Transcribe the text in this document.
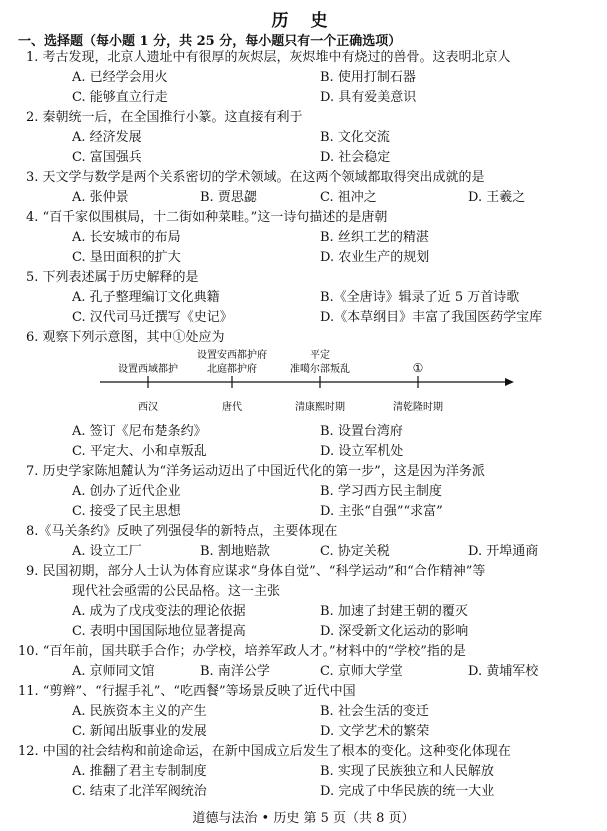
历 史
一、选择题（每小题 1 分，共 25 分，每小题只有一个正确选项）
1. 考古发现，北京人遗址中有很厚的灰烬层，灰烬堆中有烧过的兽骨。这表明北京人
A. 已经学会用火	B. 使用打制石器
C. 能够直立行走	D. 具有爱美意识
2. 秦朝统一后，在全国推行小篆。这直接有利于
A. 经济发展	B. 文化交流
C. 富国强兵	D. 社会稳定
3. 天文学与数学是两个关系密切的学术领域。在这两个领域都取得突出成就的是
A. 张仲景	B. 贾思勰	C. 祖冲之	D. 王羲之
4. “百千家似围棋局，十二街如种菜畦。”这一诗句描述的是唐朝
A. 长安城市的布局	B. 丝织工艺的精湛
C. 垦田面积的扩大	D. 农业生产的规划
5. 下列表述属于历史解释的是
A. 孔子整理编订文化典籍	B.《全唐诗》辑录了近 5 万首诗歌
C. 汉代司马迁撰写《史记》	D.《本草纲目》丰富了我国医药学宝库
6. 观察下列示意图，其中①处应为
设置西域都护
设置安西都护府
北庭都护府
平定
准噶尔部叛乱	①
西汉	唐代	清康熙时期	清乾隆时期
A. 签订《尼布楚条约》	B. 设置台湾府
C. 平定大、小和卓叛乱	D. 设立军机处
7. 历史学家陈旭麓认为“洋务运动迈出了中国近代化的第一步”，这是因为洋务派
A. 创办了近代企业	B. 学习西方民主制度
C. 接受了民主思想	D. 主张“自强”“求富”
8.《马关条约》反映了列强侵华的新特点，主要体现在
A. 设立工厂	B. 割地赔款	C. 协定关税	D. 开埠通商
9. 民国初期，部分人士认为体育应谋求“身体自觉”、“科学运动”和“合作精神”等
现代社会亟需的公民品格。这一主张
A. 成为了戊戌变法的理论依据	B. 加速了封建王朝的覆灭
C. 表明中国国际地位显著提高	D. 深受新文化运动的影响
10. “百年前，国共联手合作；办学校，培养军政人才。”材料中的“学校”指的是
A. 京师同文馆	B. 南洋公学	C. 京师大学堂	D. 黄埔军校
11. “剪辫”、“行握手礼”、“吃西餐”等场景反映了近代中国
A. 民族资本主义的产生	B. 社会生活的变迁
C. 新闻出版事业的发展	D. 文学艺术的繁荣
12. 中国的社会结构和前途命运，在新中国成立后发生了根本的变化。这种变化体现在
A. 推翻了君主专制制度	B. 实现了民族独立和人民解放
C. 结束了北洋军阀统治	D. 完成了中华民族的统一大业
道德与法治 • 历史 第 5 页（共 8 页）
